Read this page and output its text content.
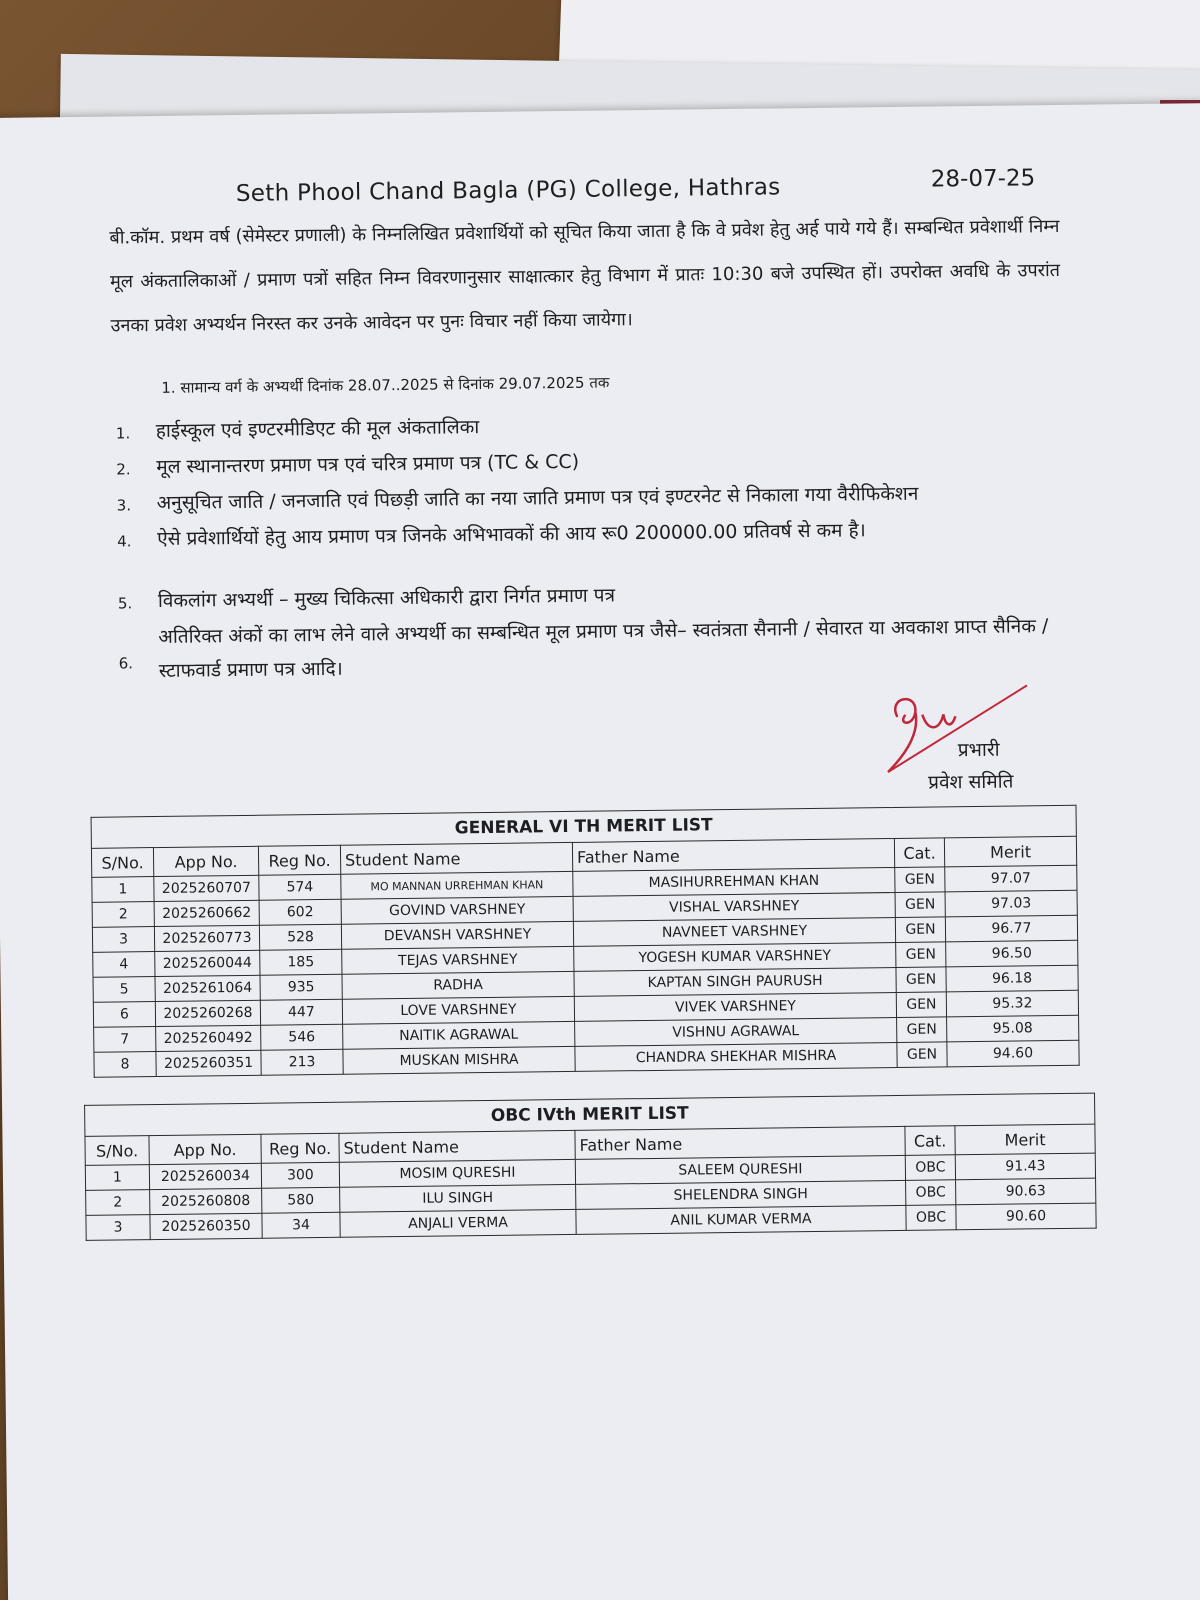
Seth Phool Chand Bagla (PG) College, Hathras	28-07-25
बी.कॉम. प्रथम वर्ष (सेमेस्टर प्रणाली) के निम्नलिखित प्रवेशार्थियों को सूचित किया जाता है कि वे प्रवेश हेतु अर्ह पाये गये हैं। सम्बन्धित प्रवेशार्थी निम्न मूल अंकतालिकाओं / प्रमाण पत्रों सहित निम्न विवरणानुसार साक्षात्कार हेतु विभाग में प्रातः 10:30 बजे उपस्थित हों। उपरोक्त अवधि के उपरांत उनका प्रवेश अभ्यर्थन निरस्त कर उनके आवेदन पर पुनः विचार नहीं किया जायेगा।
1. सामान्य वर्ग के अभ्यर्थी दिनांक 28.07..2025 से दिनांक 29.07.2025 तक
1. हाईस्कूल एवं इण्टरमीडिएट की मूल अंकतालिका
2. मूल स्थानान्तरण प्रमाण पत्र एवं चरित्र प्रमाण पत्र (TC & CC)
3. अनुसूचित जाति / जनजाति एवं पिछड़ी जाति का नया जाति प्रमाण पत्र एवं इण्टरनेट से निकाला गया वैरीफिकेशन
4. ऐसे प्रवेशार्थियों हेतु आय प्रमाण पत्र जिनके अभिभावकों की आय रू0 200000.00 प्रतिवर्ष से कम है।
5. विकलांग अभ्यर्थी – मुख्य चिकित्सा अधिकारी द्वारा निर्गत प्रमाण पत्र
6.
अतिरिक्त अंकों का लाभ लेने वाले अभ्यर्थी का सम्बन्धित मूल प्रमाण पत्र जैसे– स्वतंत्रता सैनानी / सेवारत या अवकाश प्राप्त सैनिक / स्टाफवार्ड प्रमाण पत्र आदि।
प्रभारी
प्रवेश समिति
GENERAL VI TH MERIT LIST						
S/No.	App No.	Reg No.	Student Name	Father Name	Cat.	Merit
1	2025260707	574	MO MANNAN URREHMAN KHAN	MASIHURREHMAN KHAN	GEN	97.07
2	2025260662	602	GOVIND VARSHNEY	VISHAL VARSHNEY	GEN	97.03
3	2025260773	528	DEVANSH VARSHNEY	NAVNEET VARSHNEY	GEN	96.77
4	2025260044	185	TEJAS VARSHNEY	YOGESH KUMAR VARSHNEY	GEN	96.50
5	2025261064	935	RADHA	KAPTAN SINGH PAURUSH	GEN	96.18
6	2025260268	447	LOVE VARSHNEY	VIVEK VARSHNEY	GEN	95.32
7	2025260492	546	NAITIK AGRAWAL	VISHNU AGRAWAL	GEN	95.08
8	2025260351	213	MUSKAN MISHRA	CHANDRA SHEKHAR MISHRA	GEN	94.60
OBC IVth MERIT LIST						
S/No.	App No.	Reg No.	Student Name	Father Name	Cat.	Merit
1	2025260034	300	MOSIM QURESHI	SALEEM QURESHI	OBC	91.43
2	2025260808	580	ILU SINGH	SHELENDRA SINGH	OBC	90.63
3	2025260350	34	ANJALI VERMA	ANIL KUMAR VERMA	OBC	90.60
